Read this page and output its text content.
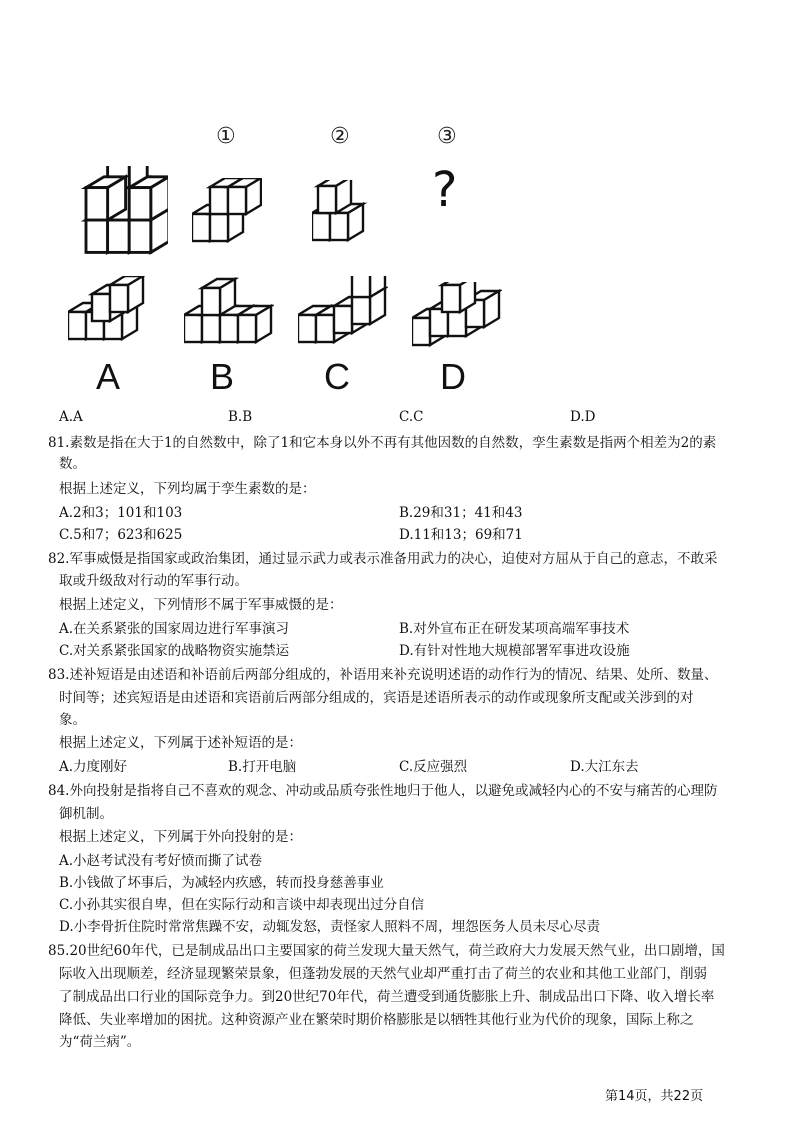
①	②	③
?
A B C	D
A.A	B.B	C.C	D.D
81.素数是指在大于1的自然数中，除了1和它本身以外不再有其他因数的自然数，孪生素数是指两个相差为2的素
数。
根据上述定义，下列均属于孪生素数的是：
A.2和3；101和103	B.29和31；41和43
C.5和7；623和625	D.11和13；69和71
82.军事威慑是指国家或政治集团，通过显示武力或表示准备用武力的决心，迫使对方屈从于自己的意志，不敢采
取或升级敌对行动的军事行动。
根据上述定义，下列情形不属于军事威慑的是：
A.在关系紧张的国家周边进行军事演习	B.对外宣布正在研发某项高端军事技术
C.对关系紧张国家的战略物资实施禁运	D.有针对性地大规模部署军事进攻设施
83.述补短语是由述语和补语前后两部分组成的，补语用来补充说明述语的动作行为的情况、结果、处所、数量、
时间等；述宾短语是由述语和宾语前后两部分组成的，宾语是述语所表示的动作或现象所支配或关涉到的对
象。
根据上述定义，下列属于述补短语的是：
A.力度刚好	B.打开电脑	C.反应强烈	D.大江东去
84.外向投射是指将自己不喜欢的观念、冲动或品质夸张性地归于他人，以避免或减轻内心的不安与痛苦的心理防
御机制。
根据上述定义，下列属于外向投射的是：
A.小赵考试没有考好愤而撕了试卷
B.小钱做了坏事后，为减轻内疚感，转而投身慈善事业
C.小孙其实很自卑，但在实际行动和言谈中却表现出过分自信
D.小李骨折住院时常常焦躁不安，动辄发怒，责怪家人照料不周，埋怨医务人员未尽心尽责
85.20世纪60年代，已是制成品出口主要国家的荷兰发现大量天然气，荷兰政府大力发展天然气业，出口剧增，国
际收入出现顺差，经济显现繁荣景象，但蓬勃发展的天然气业却严重打击了荷兰的农业和其他工业部门，削弱
了制成品出口行业的国际竞争力。到20世纪70年代，荷兰遭受到通货膨胀上升、制成品出口下降、收入增长率
降低、失业率增加的困扰。这种资源产业在繁荣时期价格膨胀是以牺牲其他行业为代价的现象，国际上称之
为“荷兰病”。
第14页，共22页
